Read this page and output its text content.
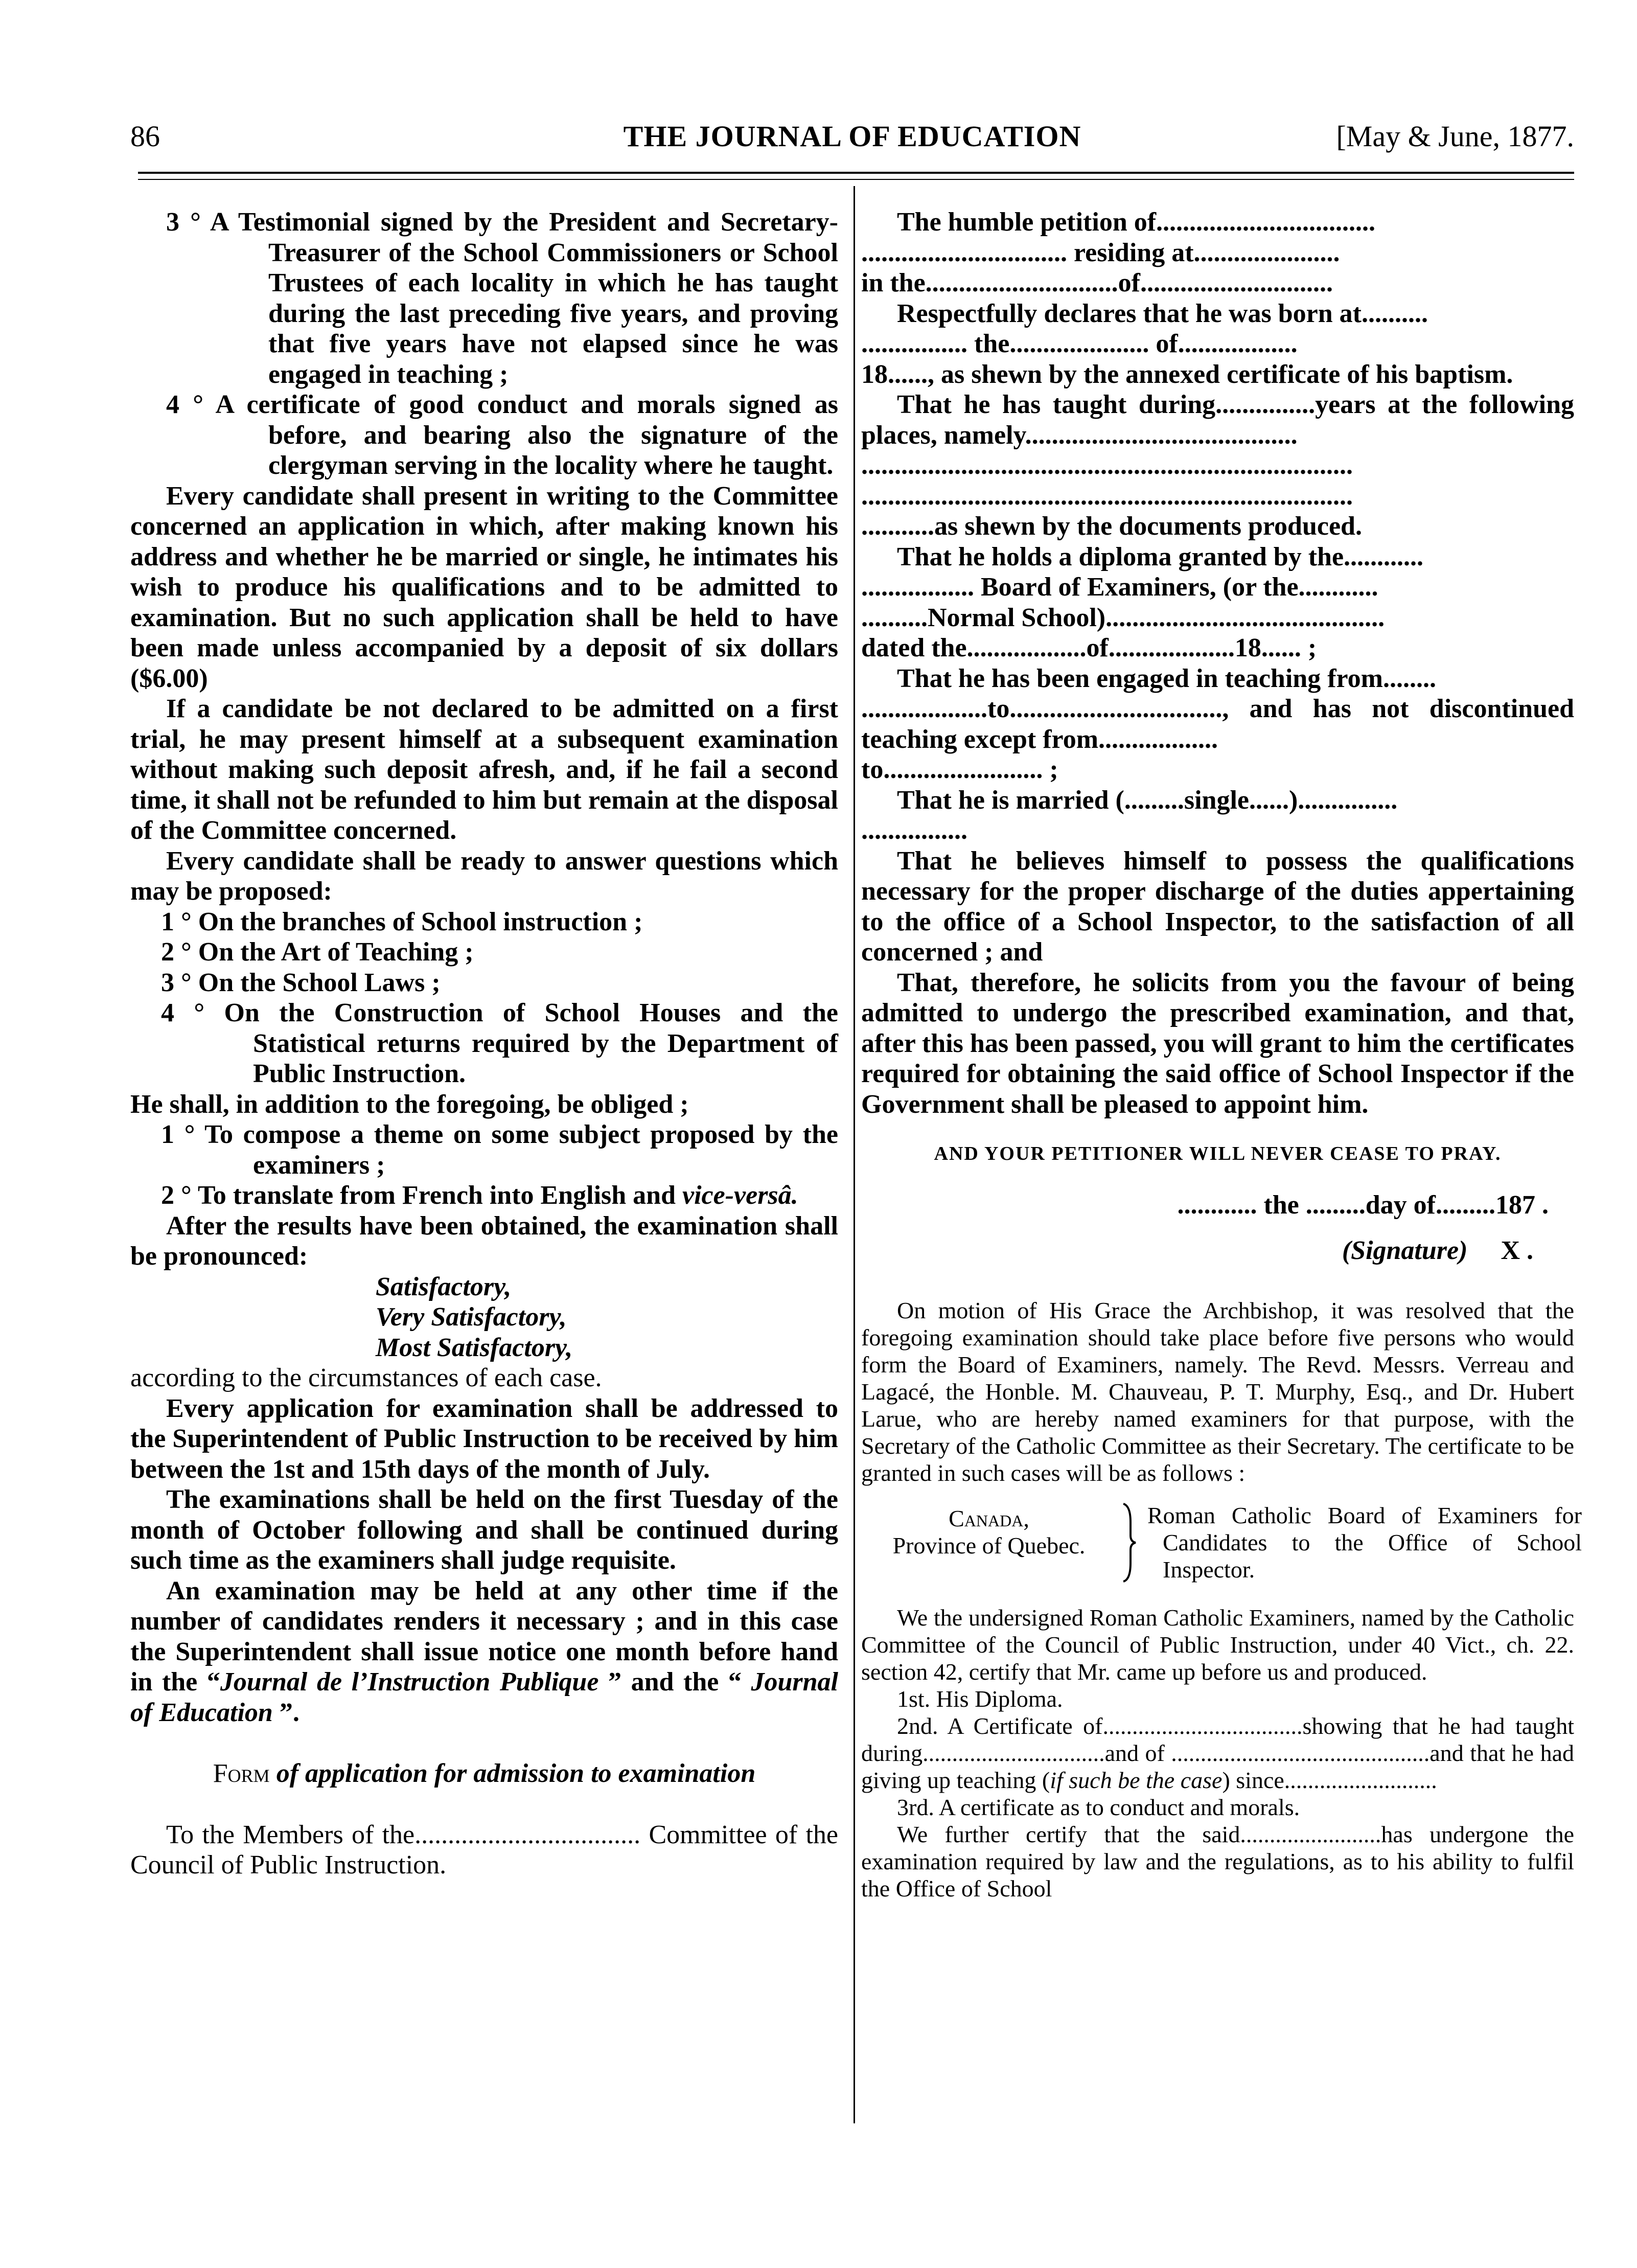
86	THE JOURNAL OF EDUCATION	[May & June, 1877.

3 ° A Testimonial signed by the President and Secretary-Treasurer of the School Commissioners or School Trustees of each locality in which he has taught during the last preceding five years, and proving that five years have not elapsed since he was engaged in teaching ;

4 ° A certificate of good conduct and morals signed as before, and bearing also the signature of the clergyman serving in the locality where he taught.

Every candidate shall present in writing to the Committee concerned an application in which, after making known his address and whether he be married or single, he intimates his wish to produce his qualifications and to be admitted to examination. But no such application shall be held to have been made unless accompanied by a deposit of six dollars ($6.00)

If a candidate be not declared to be admitted on a first trial, he may present himself at a subsequent examination without making such deposit afresh, and, if he fail a second time, it shall not be refunded to him but remain at the disposal of the Committee concerned.

Every candidate shall be ready to answer questions which may be proposed:

1 ° On the branches of School instruction ;

2 ° On the Art of Teaching ;

3 ° On the School Laws ;

4 ° On the Construction of School Houses and the Statistical returns required by the Department of Public Instruction.

He shall, in addition to the foregoing, be obliged ;

1 ° To compose a theme on some subject proposed by the examiners ;

2 ° To translate from French into English and vice-versâ.

After the results have been obtained, the examination shall be pronounced:

Satisfactory,

Very Satisfactory,

Most Satisfactory,

according to the circumstances of each case.

Every application for examination shall be addressed to the Superintendent of Public Instruction to be received by him between the 1st and 15th days of the month of July.

The examinations shall be held on the first Tuesday of the month of October following and shall be continued during such time as the examiners shall judge requisite.

An examination may be held at any other time if the number of candidates renders it necessary ; and in this case the Superintendent shall issue notice one month before hand in the “Journal de l’Instruction Publique ” and the “ Journal of Education ”.

Form of application for admission to examination

To the Members of the.................................. Committee of the Council of Public Instruction.

The humble petition of.................................

............................... residing at......................

in the.............................of.............................

Respectfully declares that he was born at..........

................ the..................... of..................

18......, as shewn by the annexed certificate of his baptism.

That he has taught during...............years at the following places, namely.........................................

..........................................................................

..........................................................................

...........as shewn by the documents produced.

That he holds a diploma granted by the............

................. Board of Examiners, (or the............

..........Normal School)..........................................

dated the..................of...................18...... ;

That he has been engaged in teaching from........

...................to................................, and has not discontinued teaching except from..................

to........................ ;

That he is married (.........single......)...............

................

That he believes himself to possess the qualifications necessary for the proper discharge of the duties appertaining to the office of a School Inspector, to the satisfaction of all concerned ; and

That, therefore, he solicits from you the favour of being admitted to undergo the prescribed examination, and that, after this has been passed, you will grant to him the certificates required for obtaining the said office of School Inspector if the Government shall be pleased to appoint him.

AND YOUR PETITIONER WILL NEVER CEASE TO PRAY.

............ the .........day of.........187 .

(Signature) X .

On motion of His Grace the Archbishop, it was resolved that the foregoing examination should take place before five persons who would form the Board of Examiners, namely. The Revd. Messrs. Verreau and Lagacé, the Honble. M. Chauveau, P. T. Murphy, Esq., and Dr. Hubert Larue, who are hereby named examiners for that purpose, with the Secretary of the Catholic Committee as their Secretary. The certificate to be granted in such cases will be as follows :

Canada,
Province of Quebec.
Roman Catholic Board of Examiners for Candidates to the Office of School Inspector.

We the undersigned Roman Catholic Examiners, named by the Catholic Committee of the Council of Public Instruction, under 40 Vict., ch. 22. section 42, certify that Mr. came up before us and produced.

1st. His Diploma.

2nd. A Certificate of..................................showing that he had taught during...............................and of ............................................and that he had giving up teaching (if such be the case) since..........................

3rd. A certificate as to conduct and morals.

We further certify that the said........................has undergone the examination required by law and the regulations, as to his ability to fulfil the Office of School
